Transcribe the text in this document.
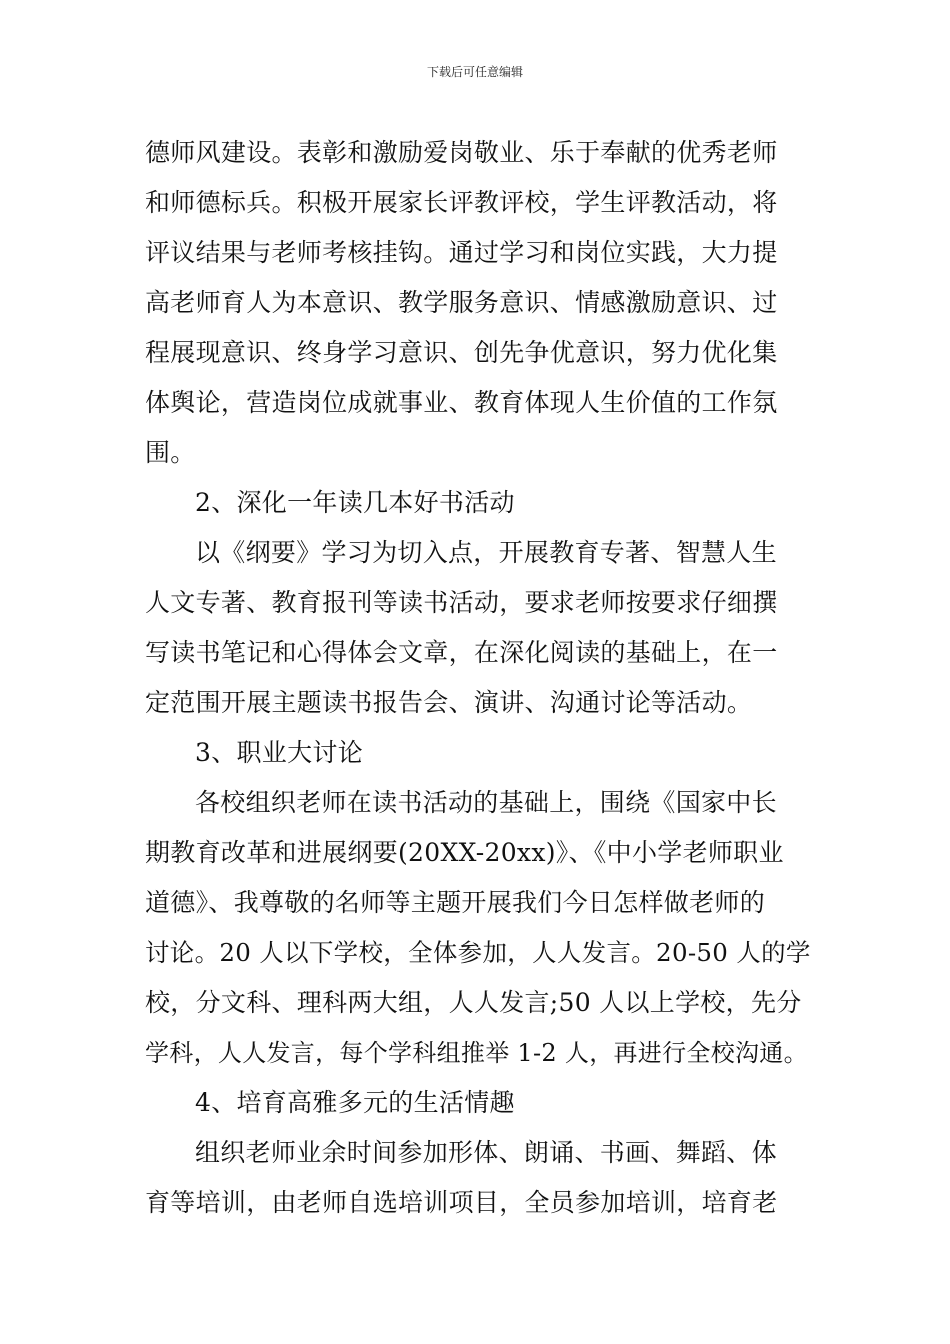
下载后可任意编辑
德师风建设。表彰和激励爱岗敬业、乐于奉献的优秀老师
和师德标兵。积极开展家长评教评校，学生评教活动，将
评议结果与老师考核挂钩。通过学习和岗位实践，大力提
高老师育人为本意识、教学服务意识、情感激励意识、过
程展现意识、终身学习意识、创先争优意识，努力优化集
体舆论，营造岗位成就事业、教育体现人生价值的工作氛
围。
2、深化一年读几本好书活动
以《纲要》学习为切入点，开展教育专著、智慧人生
人文专著、教育报刊等读书活动，要求老师按要求仔细撰
写读书笔记和心得体会文章，在深化阅读的基础上，在一
定范围开展主题读书报告会、演讲、沟通讨论等活动。
3、职业大讨论
各校组织老师在读书活动的基础上，围绕《国家中长
期教育改革和进展纲要(20XX-20xx)》、《中小学老师职业
道德》、我尊敬的名师等主题开展我们今日怎样做老师的
讨论。20 人以下学校，全体参加，人人发言。20-50 人的学
校，分文科、理科两大组，人人发言;50 人以上学校，先分
学科，人人发言，每个学科组推举 1-2 人，再进行全校沟通。
4、培育高雅多元的生活情趣
组织老师业余时间参加形体、朗诵、书画、舞蹈、体
育等培训，由老师自选培训项目，全员参加培训，培育老
